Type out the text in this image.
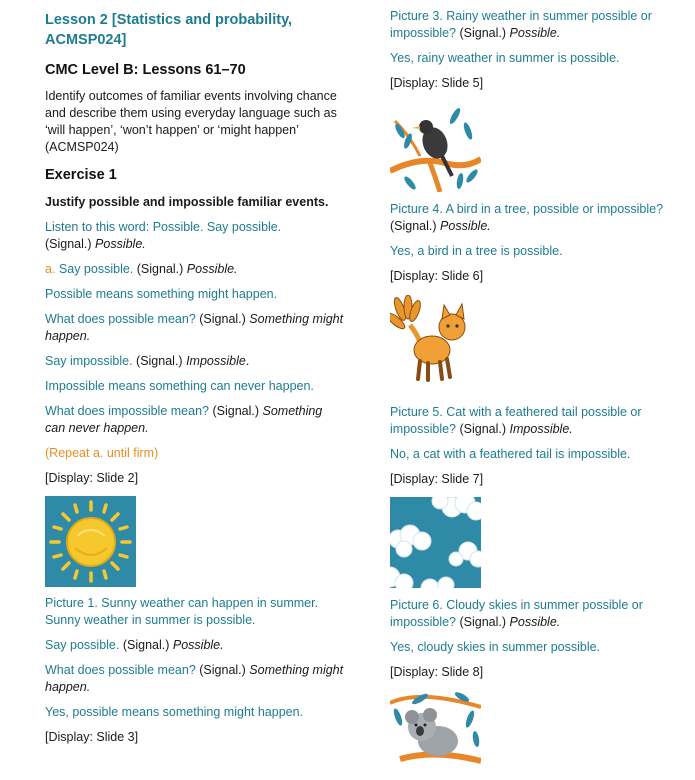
Lesson 2 [Statistics and probability, ACMSP024]

CMC Level B: Lessons 61–70

Identify outcomes of familiar events involving chance and describe them using everyday language such as ‘will happen’, ‘won’t happen’ or ‘might happen’ (ACMSP024)

Exercise 1

Justify possible and impossible familiar events.

Listen to this word: Possible. Say possible.
(Signal.) Possible.

a. Say possible. (Signal.) Possible.

Possible means something might happen.

What does possible mean? (Signal.) Something might happen.

Say impossible. (Signal.) Impossible.

Impossible means something can never happen.

What does impossible mean? (Signal.) Something can never happen.

(Repeat a. until firm)

[Display: Slide 2]

Picture 1. Sunny weather can happen in summer. Sunny weather in summer is possible.

Say possible. (Signal.) Possible.

What does possible mean? (Signal.) Something might happen.

Yes, possible means something might happen.

[Display: Slide 3]

Picture 3. Rainy weather in summer possible or impossible? (Signal.) Possible.

Yes, rainy weather in summer is possible.

[Display: Slide 5]

Picture 4. A bird in a tree, possible or impossible?
(Signal.) Possible.

Yes, a bird in a tree is possible.

[Display: Slide 6]

Picture 5. Cat with a feathered tail possible or impossible? (Signal.) Impossible.

No, a cat with a feathered tail is impossible.

[Display: Slide 7]

Picture 6. Cloudy skies in summer possible or impossible? (Signal.) Possible.

Yes, cloudy skies in summer possible.

[Display: Slide 8]
